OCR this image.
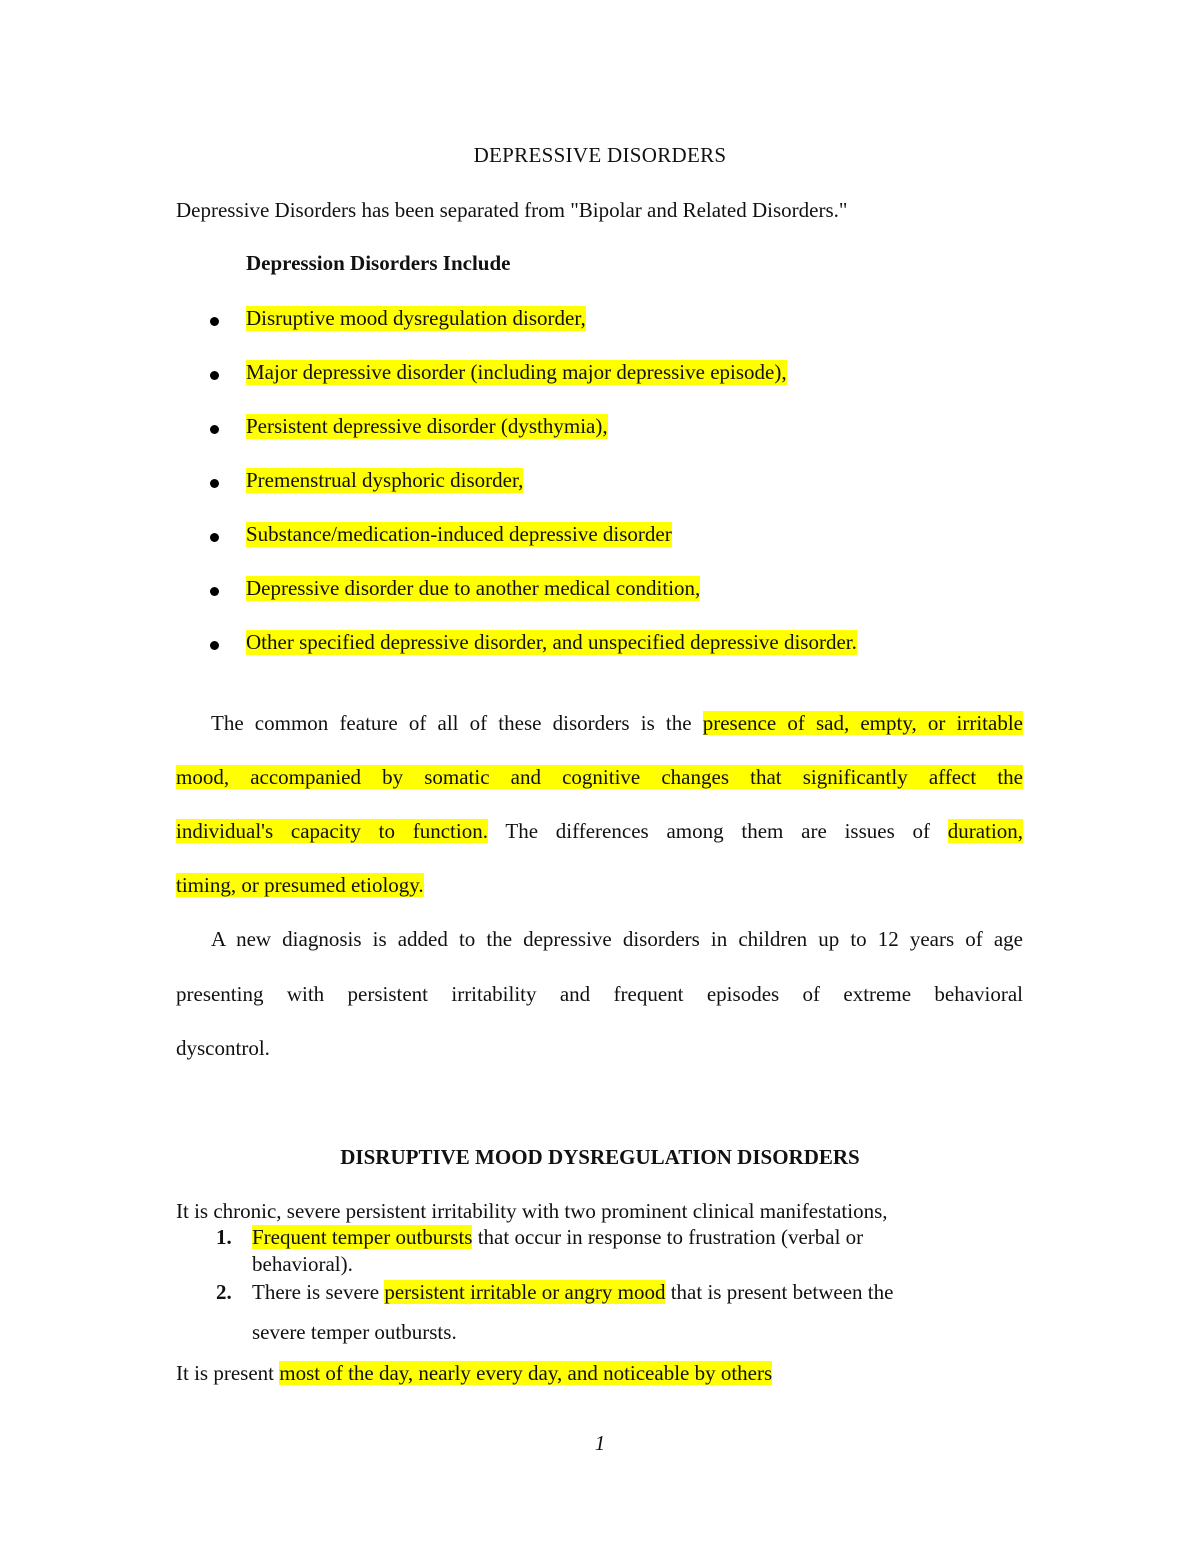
DEPRESSIVE DISORDERS
Depressive Disorders has been separated from "Bipolar and Related Disorders."
Depression Disorders Include
Disruptive mood dysregulation disorder,
Major depressive disorder (including major depressive episode),
Persistent depressive disorder (dysthymia),
Premenstrual dysphoric disorder,
Substance/medication-induced depressive disorder
Depressive disorder due to another medical condition,
Other specified depressive disorder, and unspecified depressive disorder.
The common feature of all of these disorders is the presence of sad, empty, or irritable
mood, accompanied by somatic and cognitive changes that significantly affect the
individual's capacity to function. The differences among them are issues of duration,
timing, or presumed etiology.
A new diagnosis is added to the depressive disorders in children up to 12 years of age
presenting with persistent irritability and frequent episodes of extreme behavioral
dyscontrol.
DISRUPTIVE MOOD DYSREGULATION DISORDERS
It is chronic, severe persistent irritability with two prominent clinical manifestations,
1. Frequent temper outbursts that occur in response to frustration (verbal or
behavioral).
2. There is severe persistent irritable or angry mood that is present between the
severe temper outbursts.
It is present most of the day, nearly every day, and noticeable by others
1
